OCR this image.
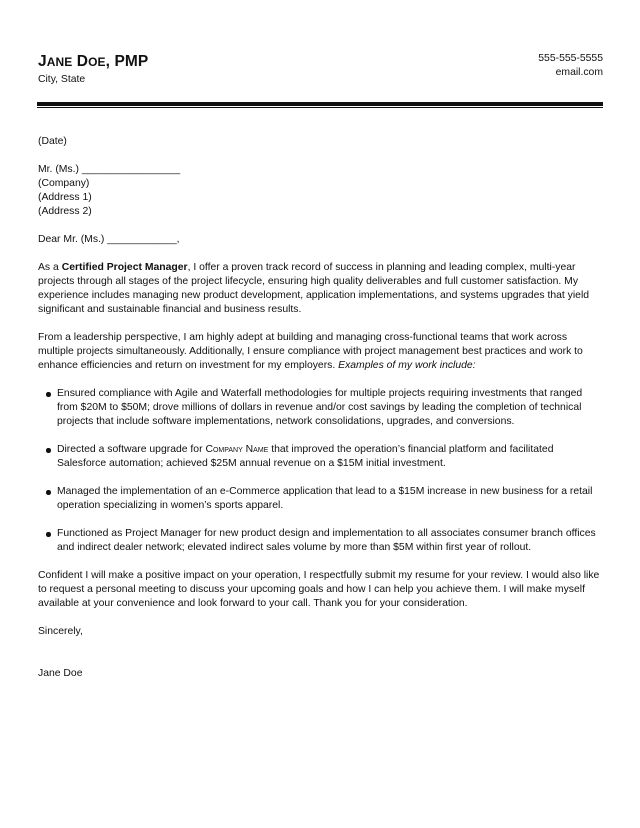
JANE DOE, PMP
City, State
555-555-5555
email.com

(Date)

Mr. (Ms.) _________________
(Company)
(Address 1)
(Address 2)

Dear Mr. (Ms.) ____________,

As a Certified Project Manager, I offer a proven track record of success in planning and leading complex, multi-year projects through all stages of the project lifecycle, ensuring high quality deliverables and full customer satisfaction. My experience includes managing new product development, application implementations, and systems upgrades that yield significant and sustainable financial and business results.

From a leadership perspective, I am highly adept at building and managing cross-functional teams that work across multiple projects simultaneously. Additionally, I ensure compliance with project management best practices and work to enhance efficiencies and return on investment for my employers. Examples of my work include:

Ensured compliance with Agile and Waterfall methodologies for multiple projects requiring investments that ranged from $20M to $50M; drove millions of dollars in revenue and/or cost savings by leading the completion of technical projects that include software implementations, network consolidations, upgrades, and conversions.
Directed a software upgrade for Company Name that improved the operation’s financial platform and facilitated Salesforce automation; achieved $25M annual revenue on a $15M initial investment.
Managed the implementation of an e-Commerce application that lead to a $15M increase in new business for a retail operation specializing in women’s sports apparel.
Functioned as Project Manager for new product design and implementation to all associates consumer branch offices and indirect dealer network; elevated indirect sales volume by more than $5M within first year of rollout.

Confident I will make a positive impact on your operation, I respectfully submit my resume for your review. I would also like to request a personal meeting to discuss your upcoming goals and how I can help you achieve them. I will make myself available at your convenience and look forward to your call. Thank you for your consideration.

Sincerely,

Jane Doe
